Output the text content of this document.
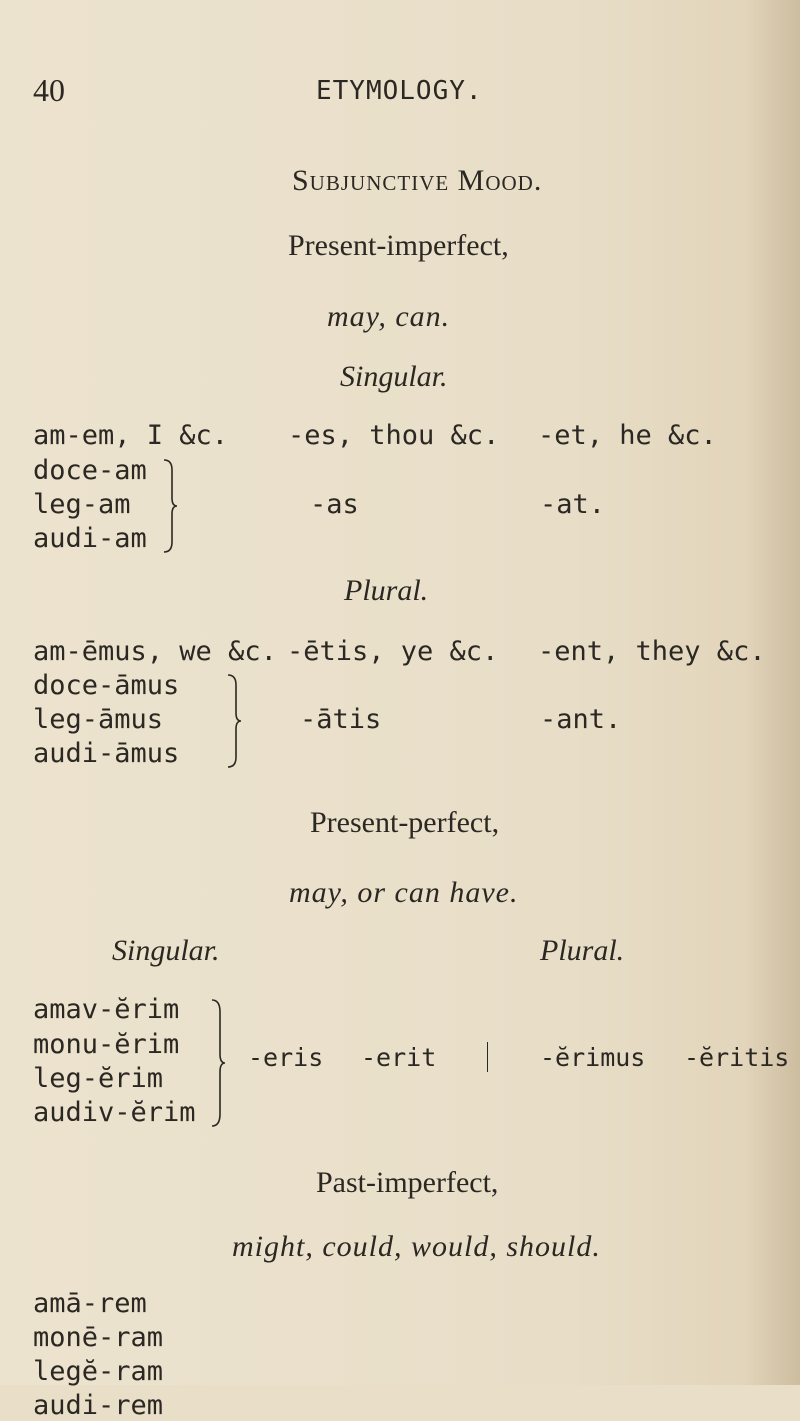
40	ETYMOLOGY.
Subjunctive Mood.
Present-imperfect,
may, can.
Singular.
am-em, I &c. -es, thou &c. -et, he &c.
doce-am
leg-am
audi-am
-as	-at.
Plural.
am-ēmus, we &c. -ētis, ye &c. -ent, they &c.
doce-āmus
leg-āmus
audi-āmus
-ātis	-ant.
Present-perfect,
may, or can have.
Singular.	Plural.
amav-ĕrim
monu-ĕrim
leg-ĕrim
audiv-ĕrim
-eris -erit	-ĕrimus -ĕritis
Past-imperfect,
might, could, would, should.
amā-rem
monē-ram
legĕ-ram
audi-rem
